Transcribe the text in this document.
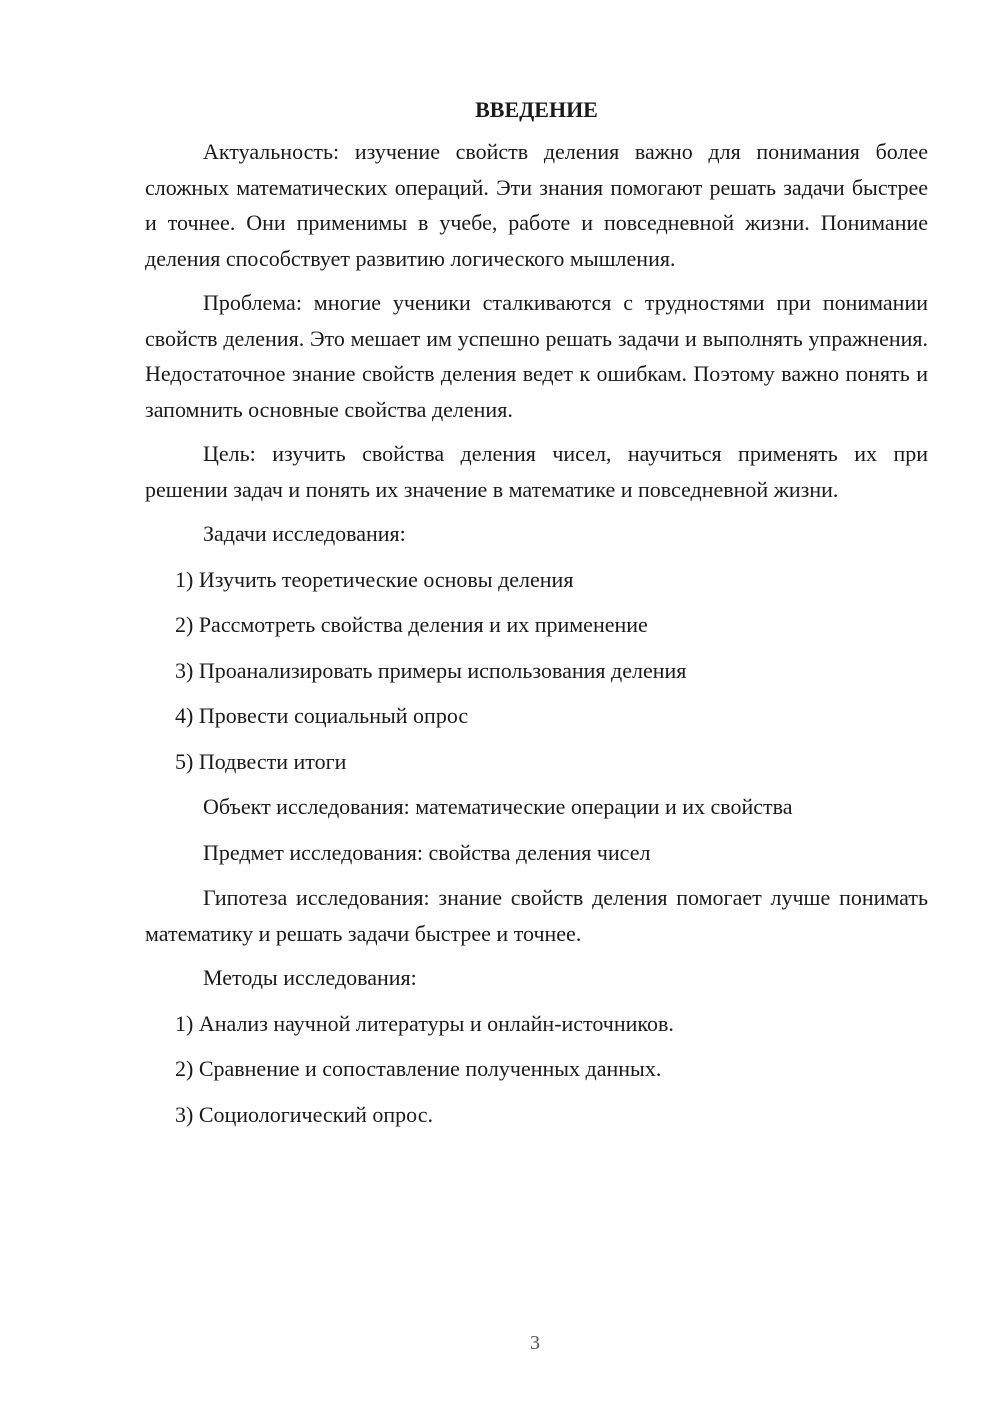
ВВЕДЕНИЕ

Актуальность: изучение свойств деления важно для понимания более сложных математических операций. Эти знания помогают решать задачи быстрее и точнее. Они применимы в учебе, работе и повседневной жизни. Понимание деления способствует развитию логического мышления.

Проблема: многие ученики сталкиваются с трудностями при понимании свойств деления. Это мешает им успешно решать задачи и выполнять упражнения. Недостаточное знание свойств деления ведет к ошибкам. Поэтому важно понять и запомнить основные свойства деления.

Цель: изучить свойства деления чисел, научиться применять их при решении задач и понять их значение в математике и повседневной жизни.

Задачи исследования:
1) Изучить теоретические основы деления
2) Рассмотреть свойства деления и их применение
3) Проанализировать примеры использования деления
4) Провести социальный опрос
5) Подвести итоги
Объект исследования: математические операции и их свойства
Предмет исследования: свойства деления чисел

Гипотеза исследования: знание свойств деления помогает лучше понимать математику и решать задачи быстрее и точнее.

Методы исследования:
1) Анализ научной литературы и онлайн-источников.
2) Сравнение и сопоставление полученных данных.
3) Социологический опрос.
3
